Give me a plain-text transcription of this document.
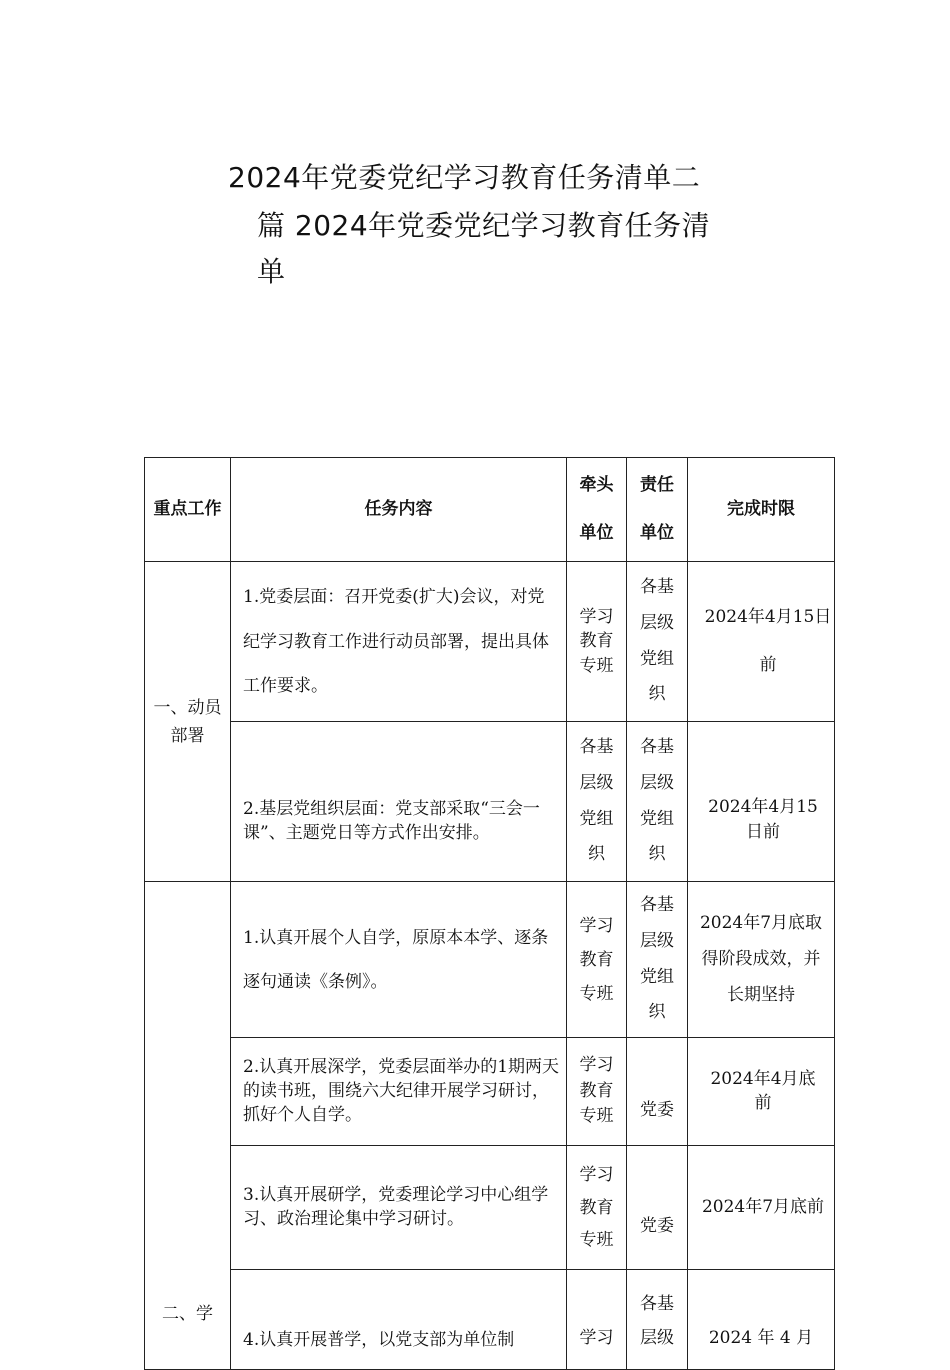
2024年党委党纪学习教育任务清单二
篇 2024年党委党纪学习教育任务清
单
重点工作	任务内容	牵头单位	责任单位	完成时限
一、动员部署	1.党委层面：召开党委(扩大)会议，对党纪学习教育工作进行动员部署，提出具体工作要求。	学习教育专班	各基层级党组织	2024年4月15日前

	2.基层党组织层面：党支部采取“三会一课”、主题党日等方式作出安排。	各基层级党组织	各基层级党组织	2024年4月15 日前
二、学	1.认真开展个人自学，原原本本学、逐条逐句通读《条例》。	学习教育专班	各基层级党组织	2024年7月底取得阶段成效，并长期坚持

	2.认真开展深学，党委层面举办的1期两天的读书班，围绕六大纪律开展学习研讨，抓好个人自学。	学习教育专班	党委	2024年4月底 前

	3.认真开展研学，党委理论学习中心组学习、政治理论集中学习研讨。	学习教育专班	党委	2024年7月底前

	4.认真开展普学，以党支部为单位制	学习	各基层级	2024 年 4 月
